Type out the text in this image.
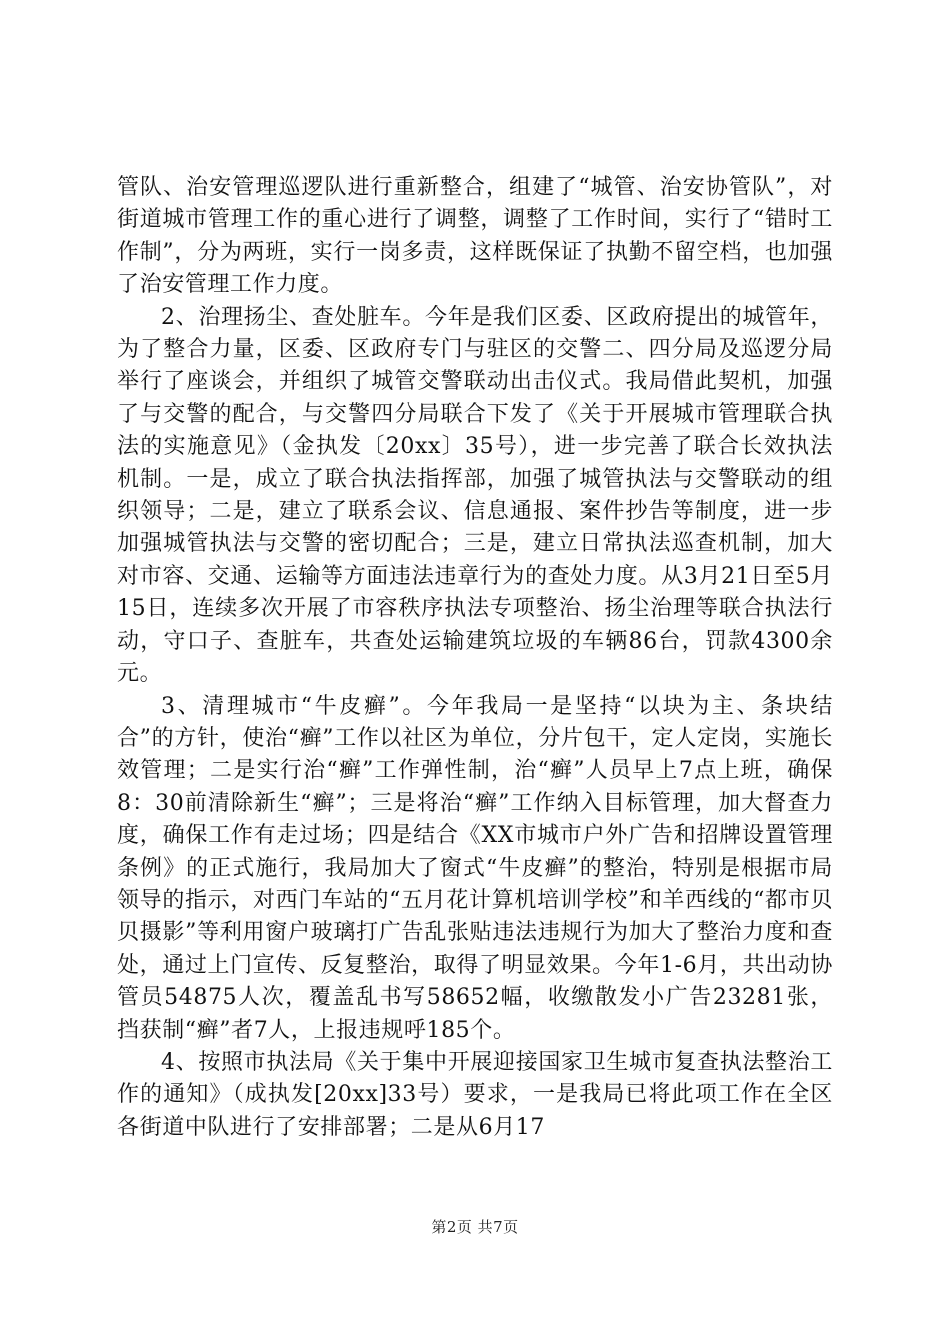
管队、治安管理巡逻队进行重新整合，组建了“城管、治安协管队”，对街道城市管理工作的重心进行了调整，调整了工作时间，实行了“错时工作制”，分为两班，实行一岗多责，这样既保证了执勤不留空档，也加强了治安管理工作力度。

2、治理扬尘、查处脏车。今年是我们区委、区政府提出的城管年，为了整合力量，区委、区政府专门与驻区的交警二、四分局及巡逻分局举行了座谈会，并组织了城管交警联动出击仪式。我局借此契机，加强了与交警的配合，与交警四分局联合下发了《关于开展城市管理联合执法的实施意见》（金执发〔20xx〕35号），进一步完善了联合长效执法机制。一是，成立了联合执法指挥部，加强了城管执法与交警联动的组织领导；二是，建立了联系会议、信息通报、案件抄告等制度，进一步加强城管执法与交警的密切配合；三是，建立日常执法巡查机制，加大对市容、交通、运输等方面违法违章行为的查处力度。从3月21日至5月15日，连续多次开展了市容秩序执法专项整治、扬尘治理等联合执法行动，守口子、查脏车，共查处运输建筑垃圾的车辆86台，罚款4300余元。

3、清理城市“牛皮癣”。今年我局一是坚持“以块为主、条块结合”的方针，使治“癣”工作以社区为单位，分片包干，定人定岗，实施长效管理；二是实行治“癣”工作弹性制，治“癣”人员早上7点上班，确保8：30前清除新生“癣”；三是将治“癣”工作纳入目标管理，加大督查力度，确保工作有走过场；四是结合《XX市城市户外广告和招牌设置管理条例》的正式施行，我局加大了窗式“牛皮癣”的整治，特别是根据市局领导的指示，对西门车站的“五月花计算机培训学校”和羊西线的“都市贝贝摄影”等利用窗户玻璃打广告乱张贴违法违规行为加大了整治力度和查处，通过上门宣传、反复整治，取得了明显效果。今年1-6月，共出动协管员54875人次，覆盖乱书写58652幅，收缴散发小广告23281张，挡获制“癣”者7人，上报违规呼185个。

4、按照市执法局《关于集中开展迎接国家卫生城市复查执法整治工作的通知》（成执发[20xx]33号）要求，一是我局已将此项工作在全区各街道中队进行了安排部署；二是从6月17

第2页 共7页
